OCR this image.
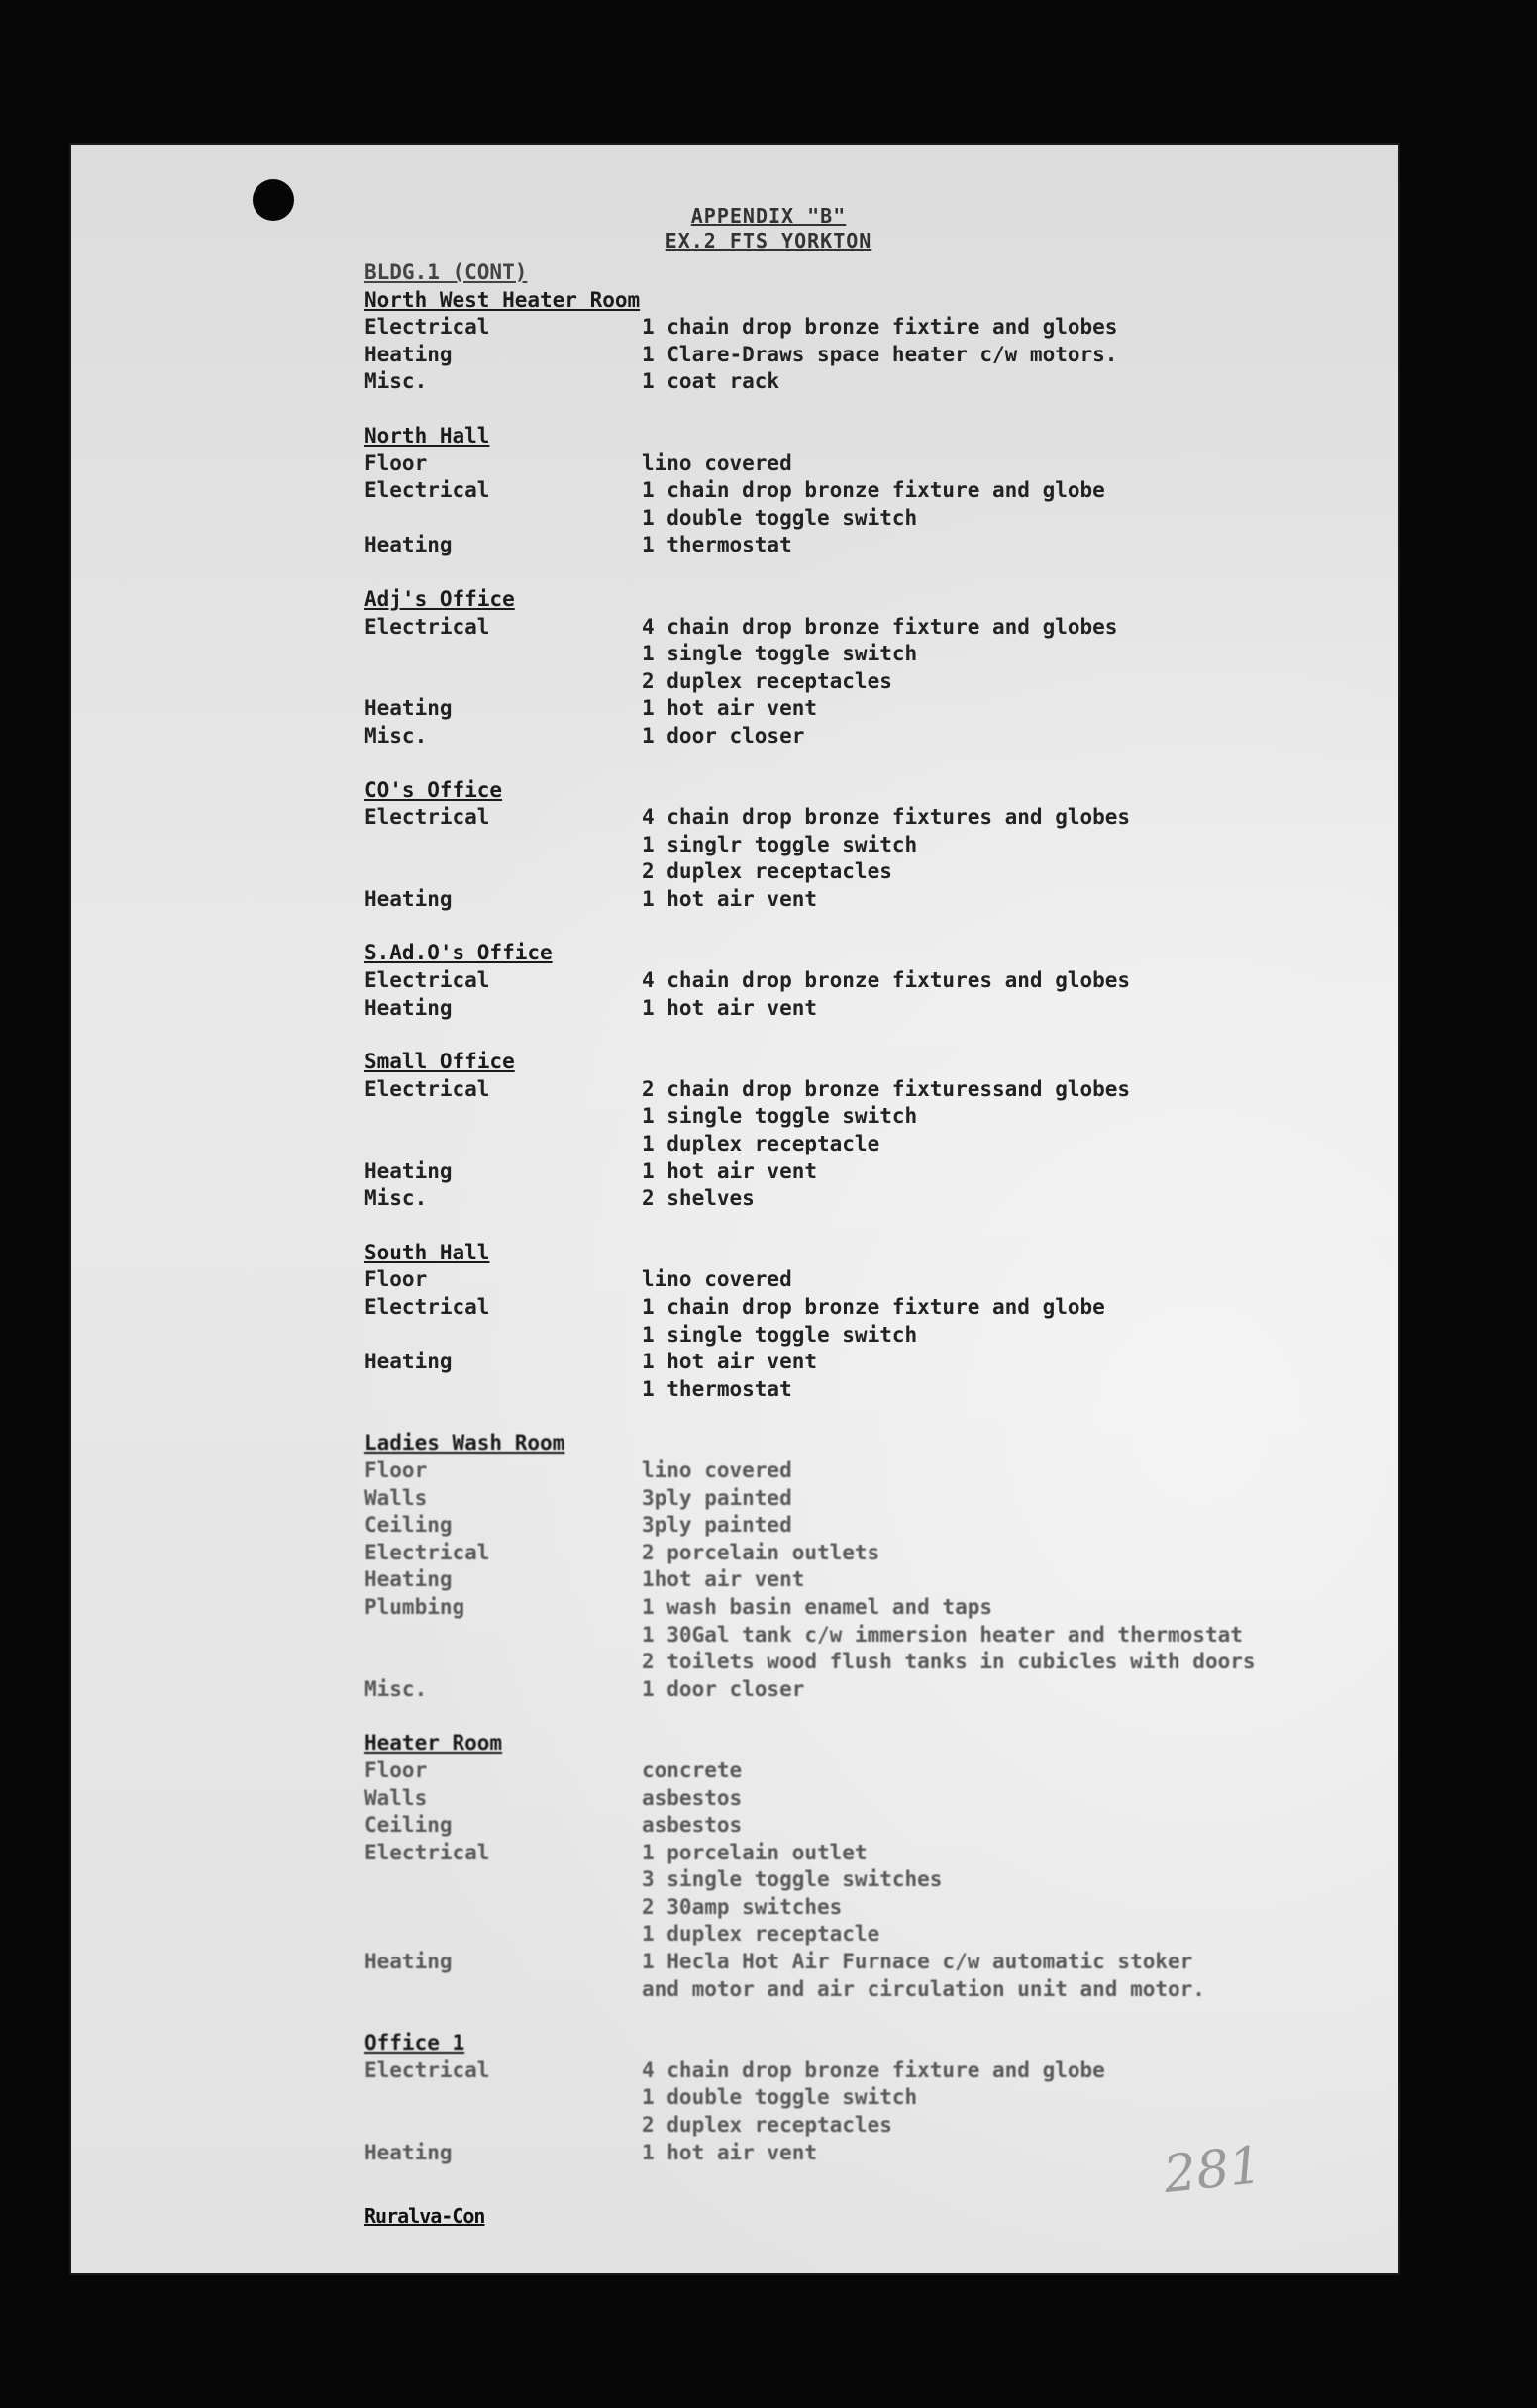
APPENDIX "B"
EX.2 FTS YORKTON
BLDG.1 (CONT)
North West Heater Room
Electrical	1 chain drop bronze fixtire and globes
Heating	1 Clare-Draws space heater c/w motors.
Misc.	1 coat rack
North Hall
Floor	lino covered
Electrical	1 chain drop bronze fixture and globe
1 double toggle switch
Heating	1 thermostat
Adj's Office
Electrical	4 chain drop bronze fixture and globes
1 single toggle switch
2 duplex receptacles
Heating	1 hot air vent
Misc.	1 door closer
CO's Office
Electrical	4 chain drop bronze fixtures and globes
1 singlr toggle switch
2 duplex receptacles
Heating	1 hot air vent
S.Ad.O's Office
Electrical	4 chain drop bronze fixtures and globes
Heating	1 hot air vent
Small Office
Electrical	2 chain drop bronze fixturessand globes
1 single toggle switch
1 duplex receptacle
Heating	1 hot air vent
Misc.	2 shelves
South Hall
Floor	lino covered
Electrical	1 chain drop bronze fixture and globe
1 single toggle switch
Heating	1 hot air vent
1 thermostat
Ladies Wash Room
Floor	lino covered
Walls	3ply painted
Ceiling	3ply painted
Electrical	2 porcelain outlets
Heating	1hot air vent
Plumbing	1 wash basin enamel and taps
1 30Gal tank c/w immersion heater and thermostat
2 toilets wood flush tanks in cubicles with doors
Misc.	1 door closer
Heater Room
Floor	concrete
Walls	asbestos
Ceiling	asbestos
Electrical	1 porcelain outlet
3 single toggle switches
2 30amp switches
1 duplex receptacle
Heating	1 Hecla Hot Air Furnace c/w automatic stoker
and motor and air circulation unit and motor.
Office 1
Electrical	4 chain drop bronze fixture and globe
1 double toggle switch
2 duplex receptacles
Heating	1 hot air vent	281
Ruralva-Con
